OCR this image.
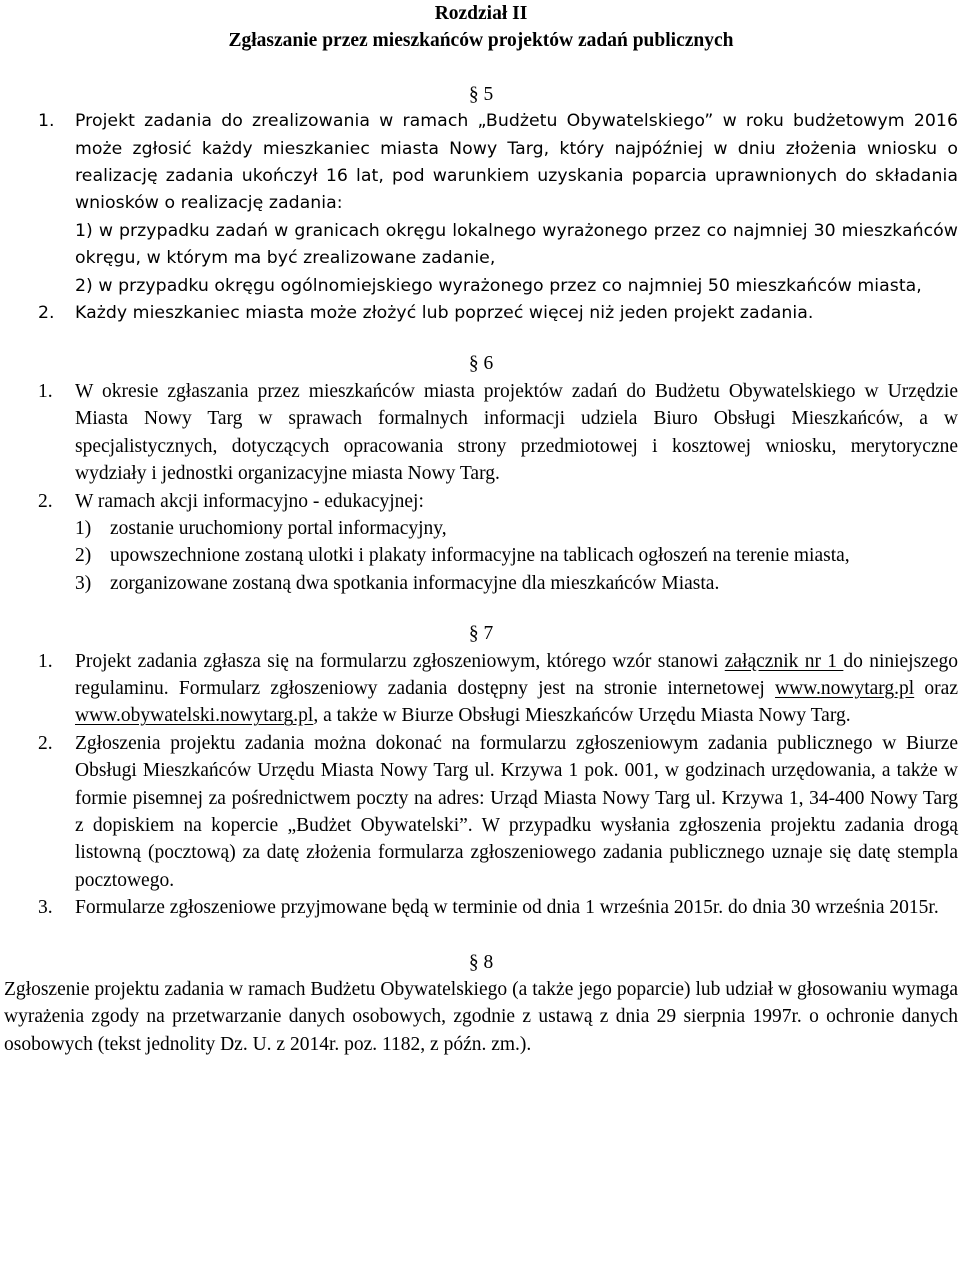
Rozdział II
Zgłaszanie przez mieszkańców projektów zadań publicznych
§ 5
1. Projekt zadania do zrealizowania w ramach „Budżetu Obywatelskiego” w roku budżetowym 2016 może zgłosić każdy mieszkaniec miasta Nowy Targ, który najpóźniej w dniu złożenia wniosku o realizację zadania ukończył 16 lat, pod warunkiem uzyskania poparcia uprawnionych do składania wniosków o realizację zadania:
1) w przypadku zadań w granicach okręgu lokalnego wyrażonego przez co najmniej 30 mieszkańców okręgu, w którym ma być zrealizowane zadanie,
2) w przypadku okręgu ogólnomiejskiego wyrażonego przez co najmniej 50 mieszkańców miasta,
2. Każdy mieszkaniec miasta może złożyć lub poprzeć więcej niż jeden projekt zadania.
§ 6
1. W okresie zgłaszania przez mieszkańców miasta projektów zadań do Budżetu Obywatelskiego w Urzędzie Miasta Nowy Targ w sprawach formalnych informacji udziela Biuro Obsługi Mieszkańców, a w specjalistycznych, dotyczących opracowania strony przedmiotowej i kosztowej wniosku, merytoryczne wydziały i jednostki organizacyjne miasta Nowy Targ.
2. W ramach akcji informacyjno - edukacyjnej:
1) zostanie uruchomiony portal informacyjny,
2) upowszechnione zostaną ulotki i plakaty informacyjne na tablicach ogłoszeń na terenie miasta,
3) zorganizowane zostaną dwa spotkania informacyjne dla mieszkańców Miasta.
§ 7
1. Projekt zadania zgłasza się na formularzu zgłoszeniowym, którego wzór stanowi załącznik nr 1 do niniejszego regulaminu. Formularz zgłoszeniowy zadania dostępny jest na stronie internetowej www.nowytarg.pl oraz www.obywatelski.nowytarg.pl, a także w Biurze Obsługi Mieszkańców Urzędu Miasta Nowy Targ.
2. Zgłoszenia projektu zadania można dokonać na formularzu zgłoszeniowym zadania publicznego w Biurze Obsługi Mieszkańców Urzędu Miasta Nowy Targ ul. Krzywa 1 pok. 001, w godzinach urzędowania, a także w formie pisemnej za pośrednictwem poczty na adres: Urząd Miasta Nowy Targ ul. Krzywa 1, 34-400 Nowy Targ z dopiskiem na kopercie „Budżet Obywatelski”. W przypadku wysłania zgłoszenia projektu zadania drogą listowną (pocztową) za datę złożenia formularza zgłoszeniowego zadania publicznego uznaje się datę stempla pocztowego.
3. Formularze zgłoszeniowe przyjmowane będą w terminie od dnia 1 września 2015r. do dnia 30 września 2015r.
§ 8
Zgłoszenie projektu zadania w ramach Budżetu Obywatelskiego (a także jego poparcie) lub udział w głosowaniu wymaga wyrażenia zgody na przetwarzanie danych osobowych, zgodnie z ustawą z dnia 29 sierpnia 1997r. o ochronie danych osobowych (tekst jednolity Dz. U. z 2014r. poz. 1182, z późn. zm.).
